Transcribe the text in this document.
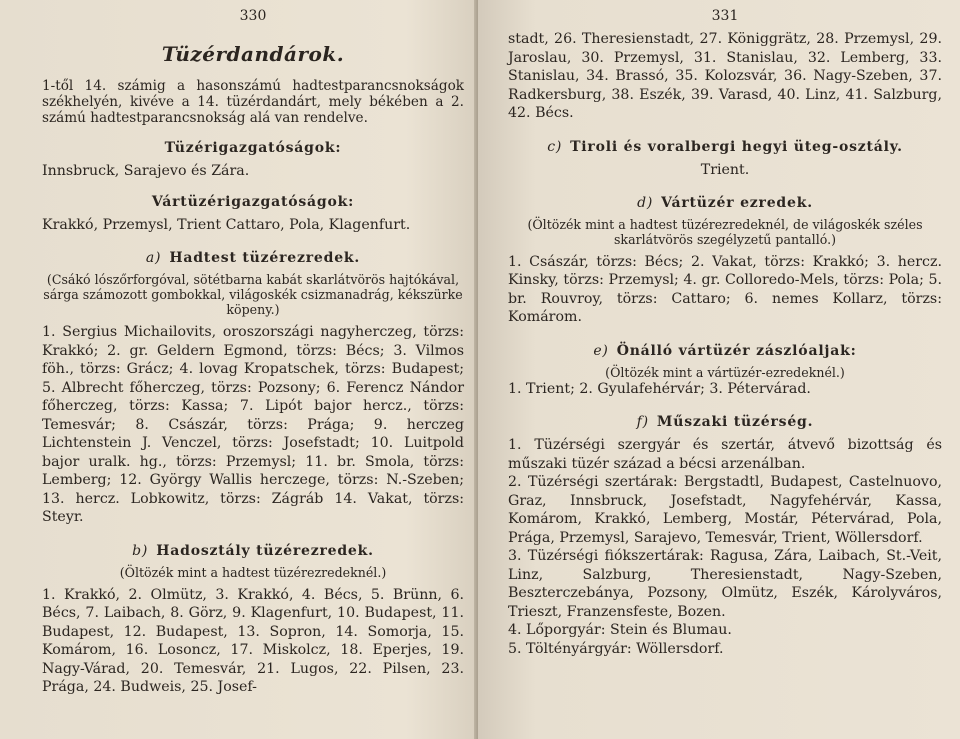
330
Tüzérdandárok.

1-től 14. számig a hasonszámú hadtestparancsnokságok székhelyén, kivéve a 14. tüzérdandárt, mely békében a 2. számú hadtestparancsnokság alá van rendelve.

Tüzérigazgatóságok:

Innsbruck, Sarajevo és Zára.

Vártüzérigazgatóságok:

Krakkó, Przemysl, Trient Cattaro, Pola, Klagenfurt.

a) Hadtest tüzérezredek.

(Csákó lószőrforgóval, sötétbarna kabát skarlátvörös hajtókával, sárga számozott gombokkal, világoskék csizmanadrág, kékszürke köpeny.)

1. Sergius Michailovits, oroszországi nagyherczeg, törzs: Krakkó; 2. gr. Geldern Egmond, törzs: Bécs; 3. Vilmos föh., törzs: Grácz; 4. lovag Kropatschek, törzs: Budapest; 5. Albrecht főherczeg, törzs: Pozsony; 6. Ferencz Nándor főherczeg, törzs: Kassa; 7. Lipót bajor hercz., törzs: Temesvár; 8. Császár, törzs: Prága; 9. herczeg Lichtenstein J. Venczel, törzs: Josefstadt; 10. Luitpold bajor uralk. hg., törzs: Przemysl; 11. br. Smola, törzs: Lemberg; 12. György Wallis herczege, törzs: N.-Szeben; 13. hercz. Lobkowitz, törzs: Zágráb 14. Vakat, törzs: Steyr.

b) Hadosztály tüzérezredek.

(Öltözék mint a hadtest tüzérezredeknél.)

1. Krakkó, 2. Olmütz, 3. Krakkó, 4. Bécs, 5. Brünn, 6. Bécs, 7. Laibach, 8. Görz, 9. Klagenfurt, 10. Budapest, 11. Budapest, 12. Budapest, 13. Sopron, 14. Somorja, 15. Komárom, 16. Losoncz, 17. Miskolcz, 18. Eperjes, 19. Nagy-Várad, 20. Temesvár, 21. Lugos, 22. Pilsen, 23. Prága, 24. Budweis, 25. Josef-

331

stadt, 26. Theresienstadt, 27. Königgrätz, 28. Przemysl, 29. Jaroslau, 30. Przemysl, 31. Stanislau, 32. Lemberg, 33. Stanislau, 34. Brassó, 35. Kolozsvár, 36. Nagy-Szeben, 37. Radkersburg, 38. Eszék, 39. Varasd, 40. Linz, 41. Salzburg, 42. Bécs.

c) Tiroli és voralbergi hegyi üteg-osztály.

Trient.

d) Vártüzér ezredek.

(Öltözék mint a hadtest tüzérezredeknél, de világoskék széles skarlátvörös szegélyzetű pantalló.)

1. Császár, törzs: Bécs; 2. Vakat, törzs: Krakkó; 3. hercz. Kinsky, törzs: Przemysl; 4. gr. Colloredo-Mels, törzs: Pola; 5. br. Rouvroy, törzs: Cattaro; 6. nemes Kollarz, törzs: Komárom.

e) Önálló vártüzér zászlóaljak:

(Öltözék mint a vártüzér-ezredeknél.)

1. Trient; 2. Gyulafehérvár; 3. Pétervárad.

f) Műszaki tüzérség.

1. Tüzérségi szergyár és szertár, átvevő bizottság és műszaki tüzér század a bécsi arzenálban.

2. Tüzérségi szertárak: Bergstadtl, Budapest, Castelnuovo, Graz, Innsbruck, Josefstadt, Nagyfehérvár, Kassa, Komárom, Krakkó, Lemberg, Mostár, Pétervárad, Pola, Prága, Przemysl, Sarajevo, Temesvár, Trient, Wöllersdorf.

3. Tüzérségi fiókszertárak: Ragusa, Zára, Laibach, St.-Veit, Linz, Salzburg, Theresienstadt, Nagy-Szeben, Beszterczebánya, Pozsony, Olmütz, Eszék, Károlyváros, Trieszt, Franzensfeste, Bozen.

4. Lőporgyár: Stein és Blumau.

5. Töltényárgyár: Wöllersdorf.
